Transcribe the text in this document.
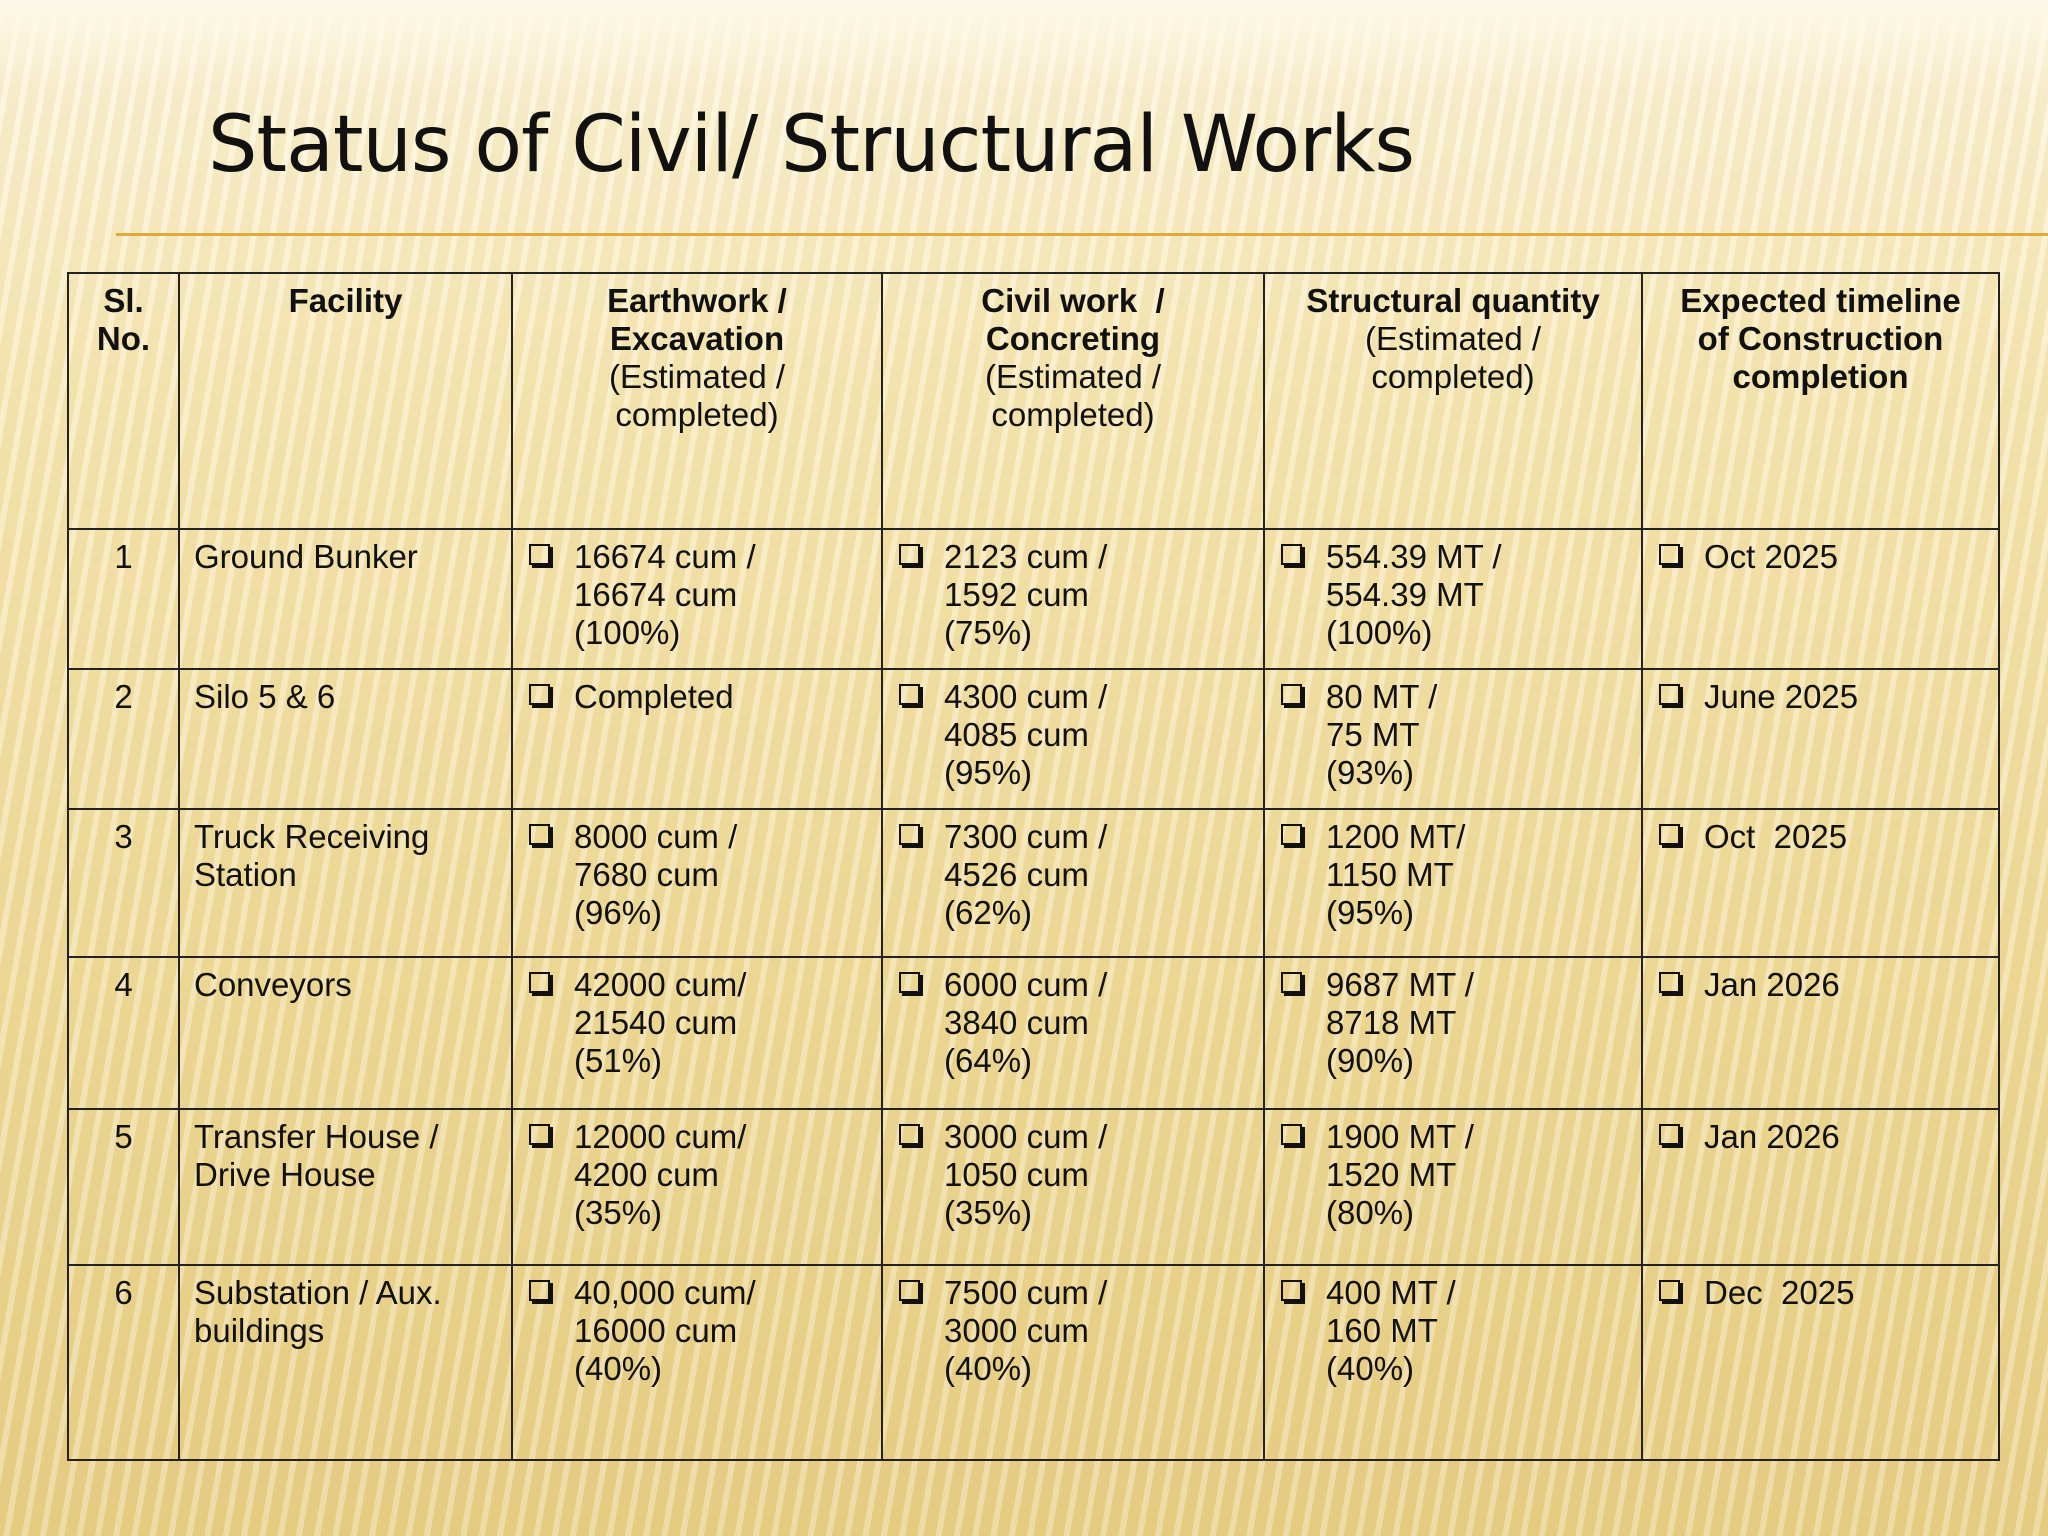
Status of Civil/ Structural Works
Sl.
No.	Facility	Earthwork /
Excavation
(Estimated /
completed)	Civil work  /
Concreting
(Estimated /
completed)	Structural quantity
(Estimated /
completed)	Expected timeline
of Construction
completion
1	Ground Bunker	16674 cum /
16674 cum
(100%)	2123 cum /
1592 cum
(75%)	554.39 MT /
554.39 MT
(100%)	Oct 2025

2	Silo 5 & 6	Completed	4300 cum /
4085 cum
(95%)	80 MT /
75 MT
(93%)	June 2025

3	Truck Receiving
Station	8000 cum /
7680 cum
(96%)	7300 cum /
4526 cum
(62%)	1200 MT/
1150 MT
(95%)	Oct  2025

4	Conveyors	42000 cum/
21540 cum
(51%)	6000 cum /
3840 cum
(64%)	9687 MT /
8718 MT
(90%)	Jan 2026

5	Transfer House /
Drive House	12000 cum/
4200 cum
(35%)	3000 cum /
1050 cum
(35%)	1900 MT /
1520 MT
(80%)	Jan 2026

6	Substation / Aux.
buildings	40,000 cum/
16000 cum
(40%)	7500 cum /
3000 cum
(40%)	400 MT /
160 MT
(40%)	Dec  2025
